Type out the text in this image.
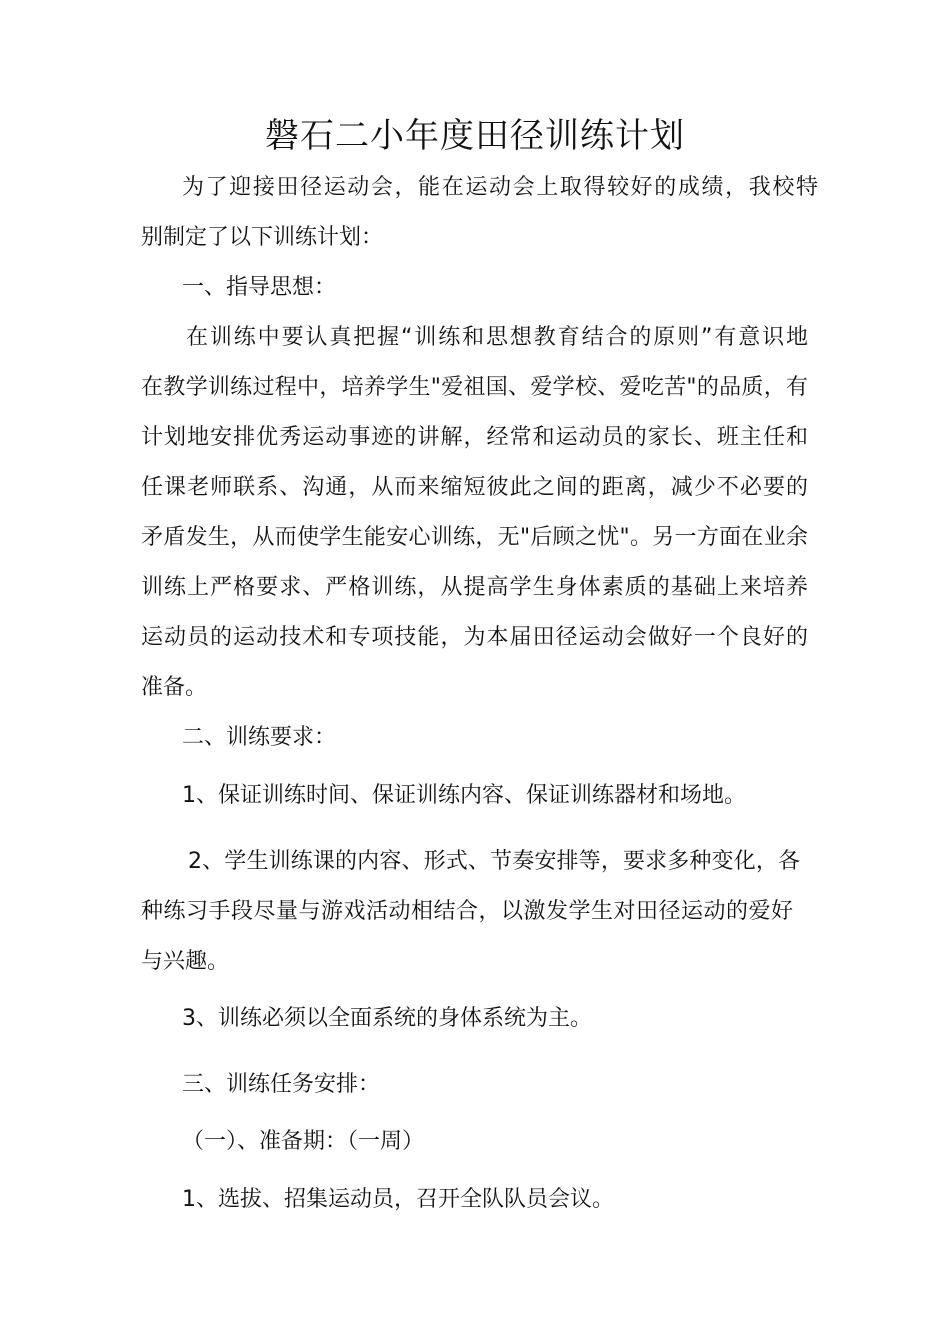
磐石二小年度田径训练计划
为了迎接田径运动会，能在运动会上取得较好的成绩，我校特
别制定了以下训练计划：
一、指导思想：
在训练中要认真把握“训练和思想教育结合的原则”有意识地
在教学训练过程中，培养学生"爱祖国、爱学校、爱吃苦"的品质，有
计划地安排优秀运动事迹的讲解，经常和运动员的家长、班主任和
任课老师联系、沟通，从而来缩短彼此之间的距离，减少不必要的
矛盾发生，从而使学生能安心训练，无"后顾之忧"。另一方面在业余
训练上严格要求、严格训练，从提高学生身体素质的基础上来培养
运动员的运动技术和专项技能，为本届田径运动会做好一个良好的
准备。
二、训练要求：
1、保证训练时间、保证训练内容、保证训练器材和场地。
2、学生训练课的内容、形式、节奏安排等，要求多种变化，各
种练习手段尽量与游戏活动相结合，以激发学生对田径运动的爱好
与兴趣。
3、训练必须以全面系统的身体系统为主。
三、训练任务安排：
（一）、准备期：（一周）
1、选拔、招集运动员，召开全队队员会议。
